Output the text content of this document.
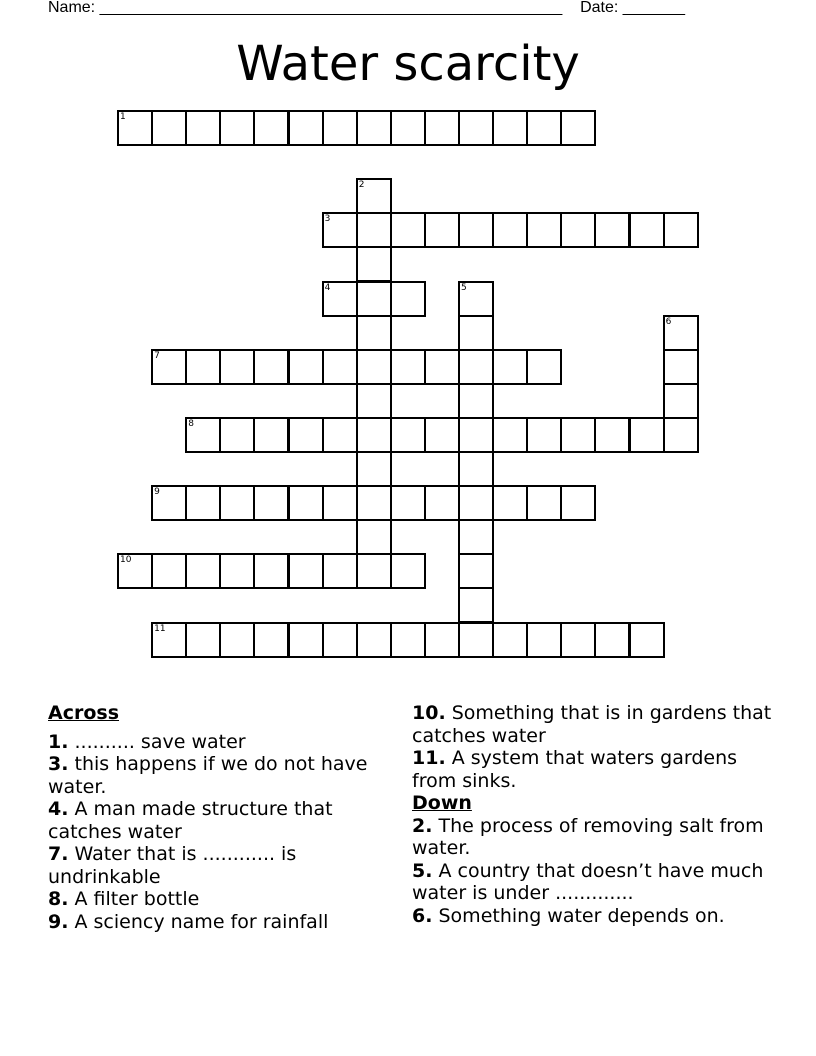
Name: ____________________________________________________ Date: _______
Water scarcity
1
2
3
4	5
6
7
8
9
10
11
Across
1. .......... save water
3. this happens if we do not have water.
4. A man made structure that catches water
7. Water that is ............ is undrinkable
8. A filter bottle
9. A sciency name for rainfall
10. Something that is in gardens that catches water
11. A system that waters gardens from sinks.
Down
2. The process of removing salt from water.
5. A country that doesn’t have much water is under .............
6. Something water depends on.
